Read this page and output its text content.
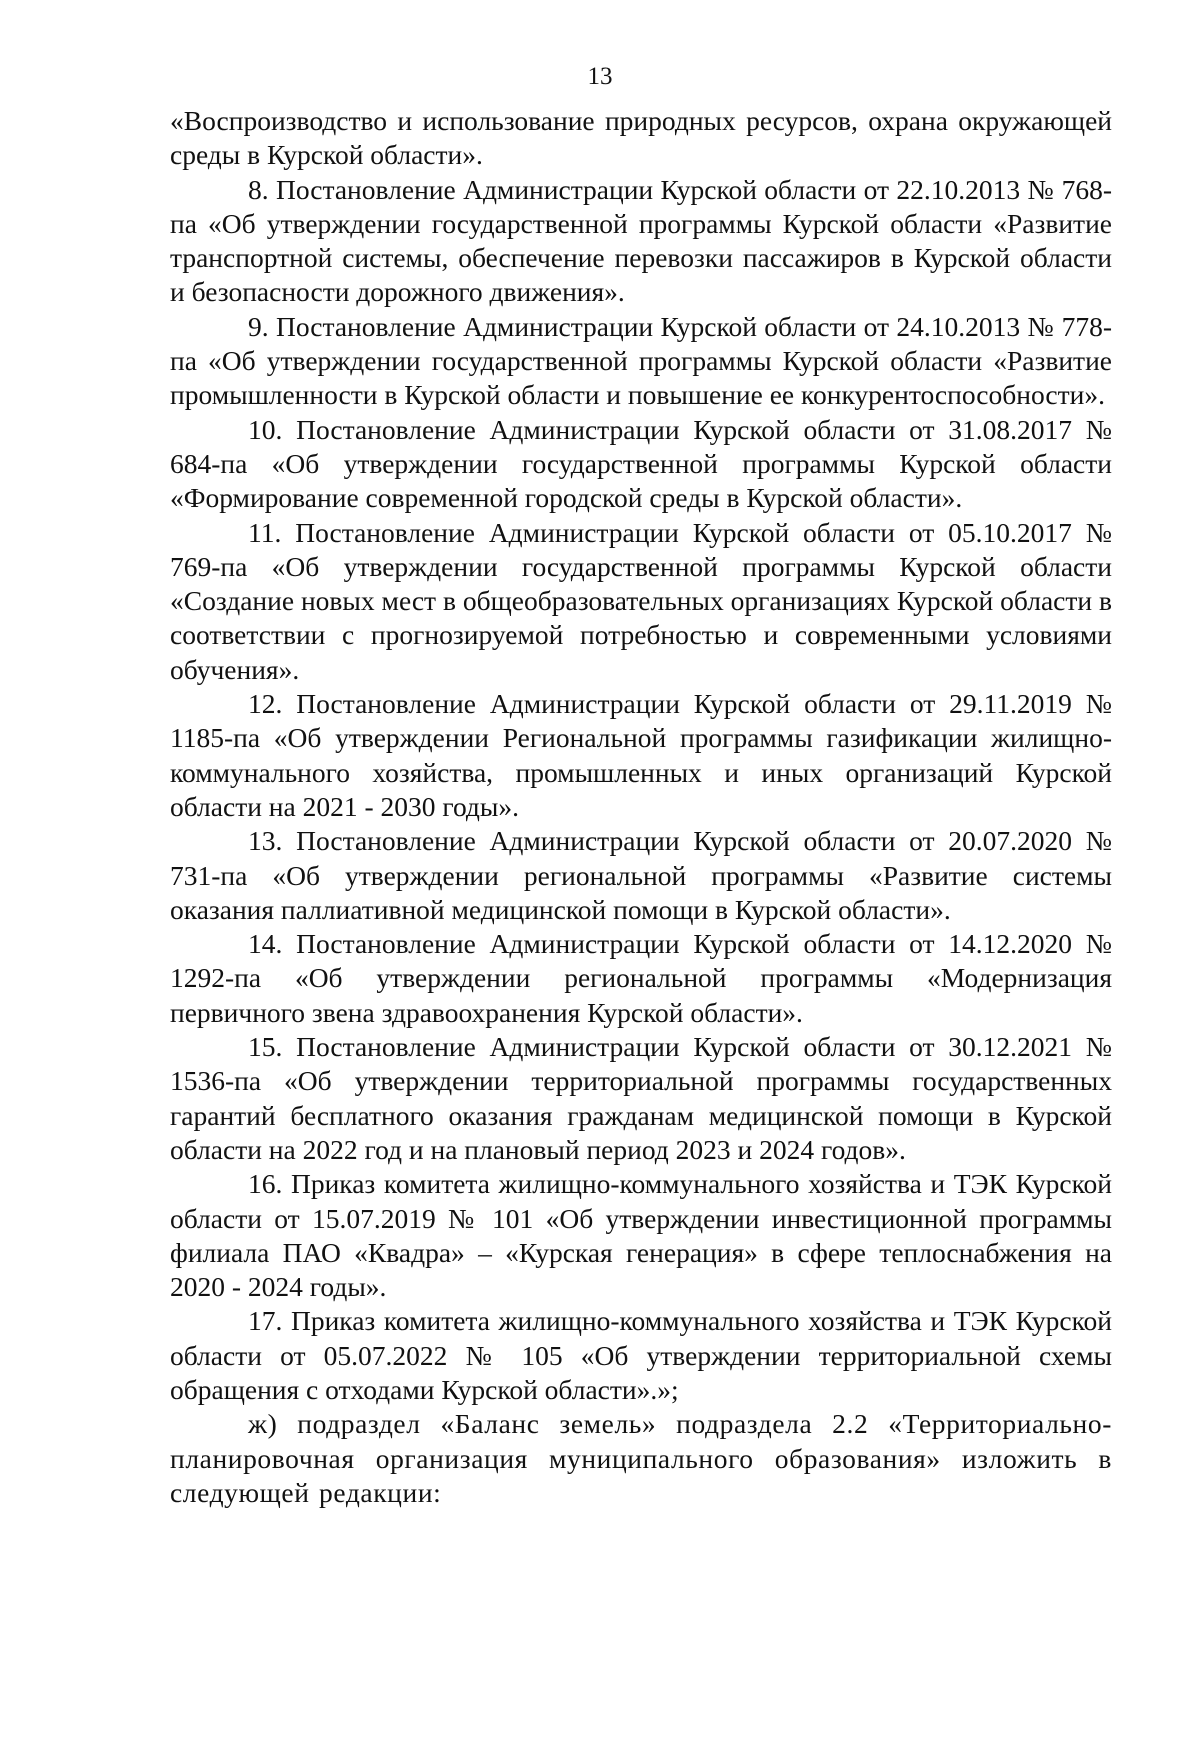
13

«Воспроизводство и использование природных ресурсов, охрана окружающей среды в Курской области».

8. Постановление Администрации Курской области от 22.10.2013 № 768-па «Об утверждении государственной программы Курской области «Развитие транспортной системы, обеспечение перевозки пассажиров в Курской области и безопасности дорожного движения».

9. Постановление Администрации Курской области от 24.10.2013 № 778-па «Об утверждении государственной программы Курской области «Развитие промышленности в Курской области и повышение ее конкурентоспособности».

10. Постановление Администрации Курской области от 31.08.2017 № 684-па «Об утверждении государственной программы Курской области «Формирование современной городской среды в Курской области».

11. Постановление Администрации Курской области от 05.10.2017 № 769-па «Об утверждении государственной программы Курской области «Создание новых мест в общеобразовательных организациях Курской области в соответствии с прогнозируемой потребностью и современными условиями обучения».

12. Постановление Администрации Курской области от 29.11.2019 № 1185-па «Об утверждении Региональной программы газификации жилищно-коммунального хозяйства, промышленных и иных организаций Курской области на 2021 - 2030 годы».

13. Постановление Администрации Курской области от 20.07.2020 № 731-па «Об утверждении региональной программы «Развитие системы оказания паллиативной медицинской помощи в Курской области».

14. Постановление Администрации Курской области от 14.12.2020 № 1292-па «Об утверждении региональной программы «Модернизация первичного звена здравоохранения Курской области».

15. Постановление Администрации Курской области от 30.12.2021 № 1536-па «Об утверждении территориальной программы государственных гарантий бесплатного оказания гражданам медицинской помощи в Курской области на 2022 год и на плановый период 2023 и 2024 годов».

16. Приказ комитета жилищно-коммунального хозяйства и ТЭК Курской области от 15.07.2019 № 101 «Об утверждении инвестиционной программы филиала ПАО «Квадра» – «Курская генерация» в сфере теплоснабжения на 2020 - 2024 годы».

17. Приказ комитета жилищно-коммунального хозяйства и ТЭК Курской области от 05.07.2022 № 105 «Об утверждении территориальной схемы обращения с отходами Курской области».»;

ж) подраздел «Баланс земель» подраздела 2.2 «Территориально-планировочная организация муниципального образования» изложить в следующей редакции:
